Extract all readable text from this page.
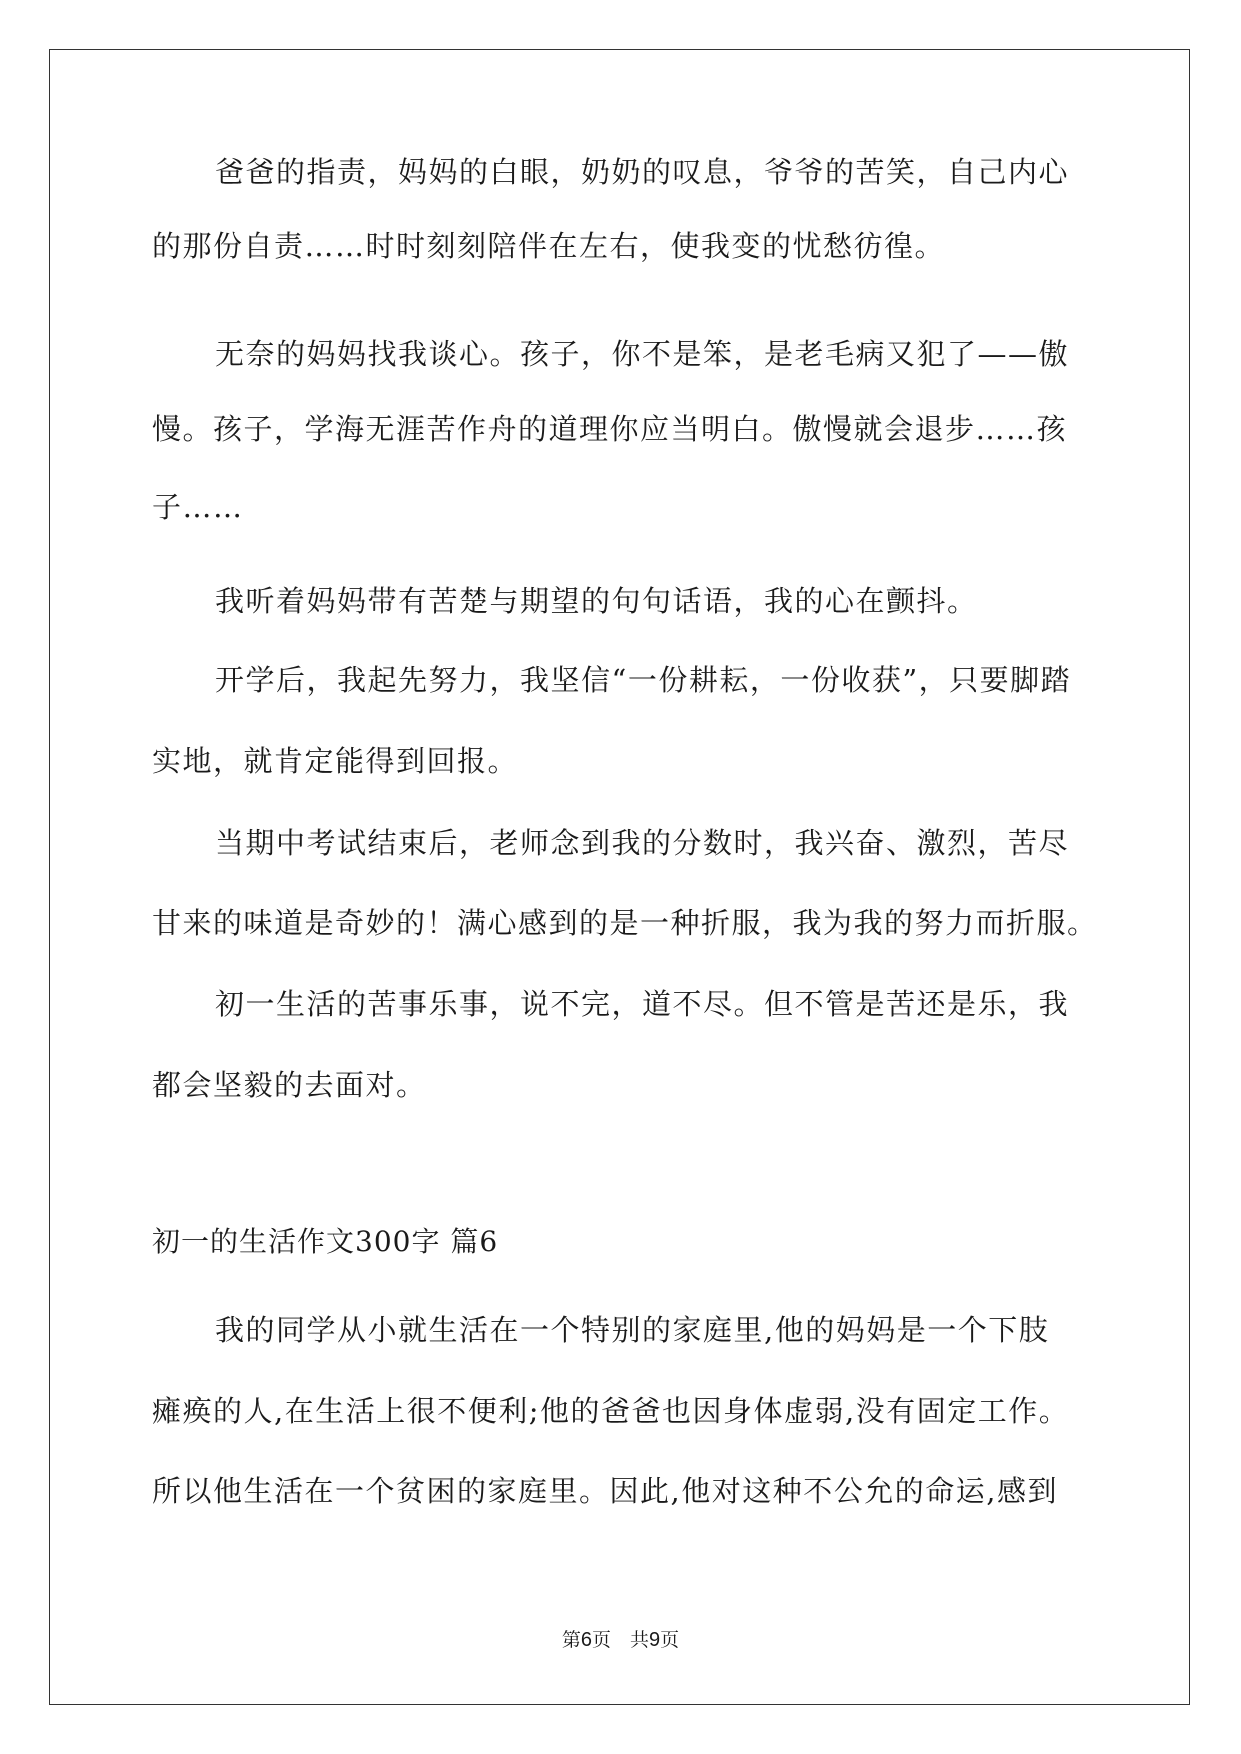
爸爸的指责，妈妈的白眼，奶奶的叹息，爷爷的苦笑，自己内心
的那份自责……时时刻刻陪伴在左右，使我变的忧愁彷徨。
无奈的妈妈找我谈心。孩子，你不是笨，是老毛病又犯了——傲
慢。孩子，学海无涯苦作舟的道理你应当明白。傲慢就会退步……孩
子……
我听着妈妈带有苦楚与期望的句句话语，我的心在颤抖。
开学后，我起先努力，我坚信“一份耕耘，一份收获”，只要脚踏
实地，就肯定能得到回报。
当期中考试结束后，老师念到我的分数时，我兴奋、激烈，苦尽
甘来的味道是奇妙的！满心感到的是一种折服，我为我的努力而折服。
初一生活的苦事乐事，说不完，道不尽。但不管是苦还是乐，我
都会坚毅的去面对。
初一的生活作文300字 篇6
我的同学从小就生活在一个特别的家庭里,他的妈妈是一个下肢
瘫痪的人,在生活上很不便利;他的爸爸也因身体虚弱,没有固定工作。
所以他生活在一个贫困的家庭里。因此,他对这种不公允的命运,感到
第6页　共9页
